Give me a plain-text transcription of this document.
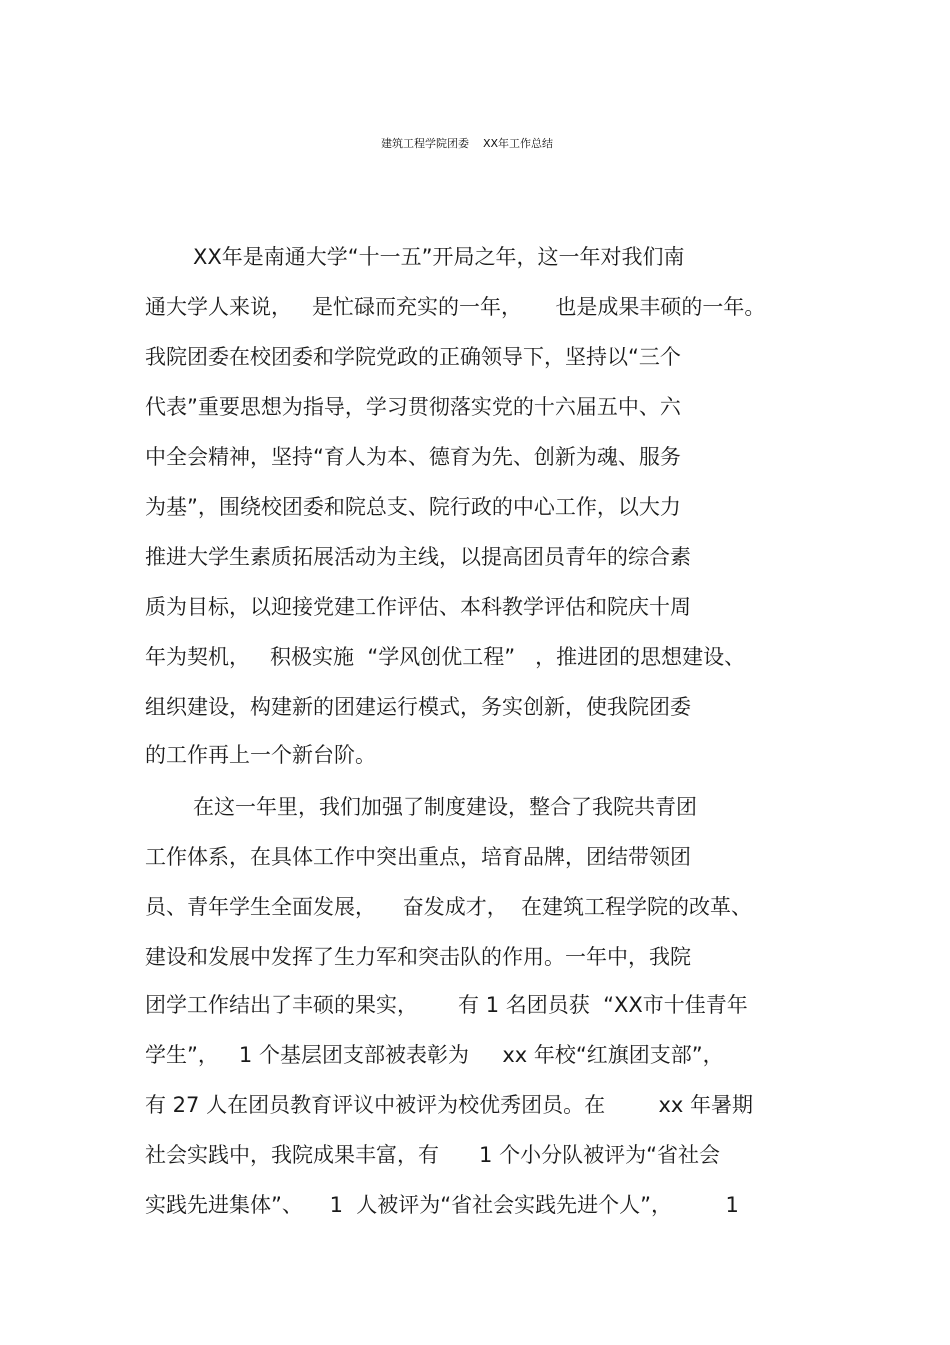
建筑工程学院团委    XX年工作总结
XX年是南通大学“十一五”开局之年，这一年对我们南
通大学人来说，   是忙碌而充实的一年，     也是成果丰硕的一年。
我院团委在校团委和学院党政的正确领导下，坚持以“三个
代表”重要思想为指导，学习贯彻落实党的十六届五中、六
中全会精神，坚持“育人为本、德育为先、创新为魂、服务
为基”，围绕校团委和院总支、院行政的中心工作，以大力
推进大学生素质拓展活动为主线，以提高团员青年的综合素
质为目标，以迎接党建工作评估、本科教学评估和院庆十周
年为契机，   积极实施  “学风创优工程”   ，推进团的思想建设、
组织建设，构建新的团建运行模式，务实创新，使我院团委
的工作再上一个新台阶。
在这一年里，我们加强了制度建设，整合了我院共青团
工作体系，在具体工作中突出重点，培育品牌，团结带领团
员、青年学生全面发展，    奋发成才，  在建筑工程学院的改革、
建设和发展中发挥了生力军和突击队的作用。一年中，我院
团学工作结出了丰硕的果实，      有 1 名团员获  “XX市十佳青年
学生”，   1 个基层团支部被表彰为     xx 年校“红旗团支部”，
有 27 人在团员教育评议中被评为校优秀团员。在        xx 年暑期
社会实践中，我院成果丰富，有      1 个小分队被评为“省社会
实践先进集体”、    1  人被评为“省社会实践先进个人”，        1
